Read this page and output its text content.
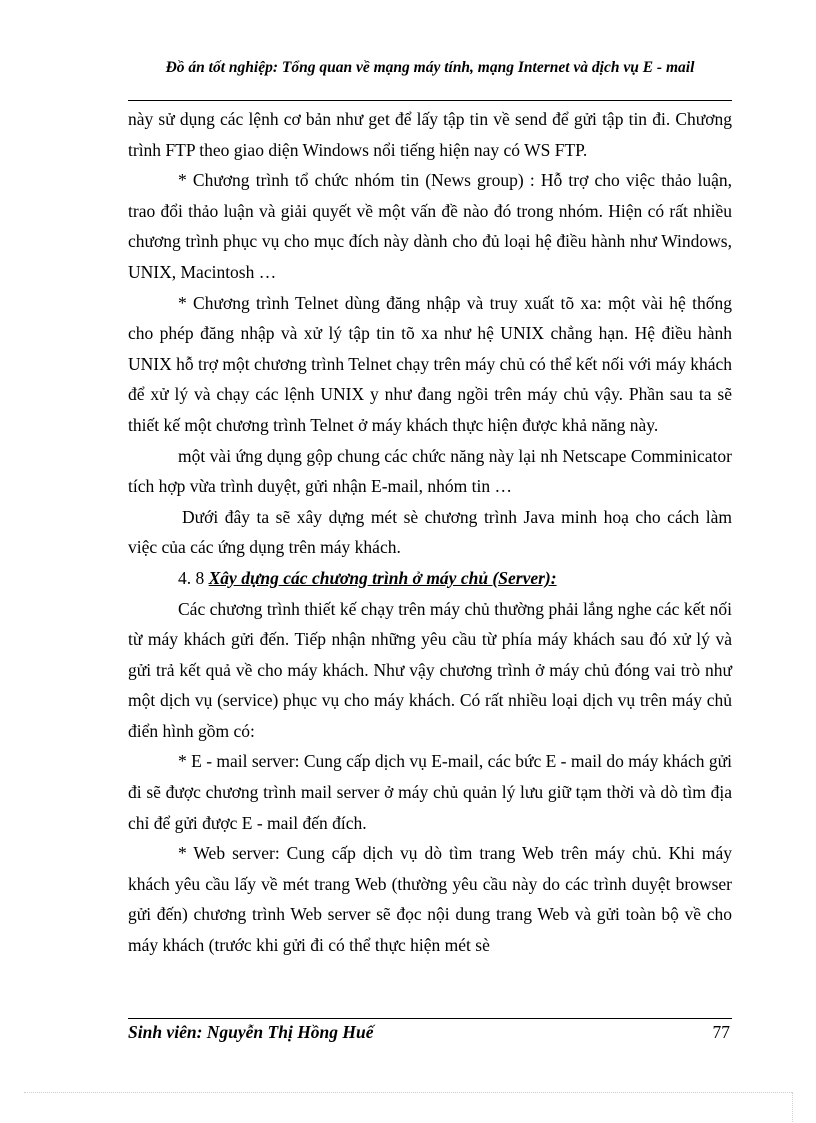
Đồ án tốt nghiệp: Tổng quan về mạng máy tính, mạng Internet và dịch vụ E - mail

này sử dụng các lệnh cơ bản như get để lấy tập tin về send để gửi tập tin đi. Chương trình FTP theo giao diện Windows nổi tiếng hiện nay có WS FTP.

* Chương trình tổ chức nhóm tin (News group) : Hỗ trợ cho việc thảo luận, trao đổi thảo luận và giải quyết về một vấn đề nào đó trong nhóm. Hiện có rất nhiều chương trình phục vụ cho mục đích này dành cho đủ loại hệ điều hành như Windows, UNIX, Macintosh …

* Chương trình Telnet dùng đăng nhập và truy xuất tõ xa: một vài hệ thống cho phép đăng nhập và xử lý tập tin tõ xa như hệ UNIX chẳng hạn. Hệ điều hành UNIX hỗ trợ một chương trình Telnet chạy trên máy chủ có thể kết nối với máy khách để xử lý và chạy các lệnh UNIX y như đang ngồi trên máy chủ vậy. Phần sau ta sẽ thiết kế một chương trình Telnet ở máy khách thực hiện được khả năng này.

một vài ứng dụng gộp chung các chức năng này lại nh Netscape Comminicator tích hợp vừa trình duyệt, gửi nhận E-mail, nhóm tin …

Dưới đây ta sẽ xây dựng mét sè chương trình Java minh hoạ cho cách làm việc của các ứng dụng trên máy khách.

4. 8 Xây dựng các chương trình ở máy chủ (Server):

Các chương trình thiết kế chạy trên máy chủ thường phải lắng nghe các kết nối từ máy khách gửi đến. Tiếp nhận những yêu cầu từ phía máy khách sau đó xử lý và gửi trả kết quả về cho máy khách. Như vậy chương trình ở máy chủ đóng vai trò như một dịch vụ (service) phục vụ cho máy khách. Có rất nhiều loại dịch vụ trên máy chủ điển hình gồm có:

* E - mail server: Cung cấp dịch vụ E-mail, các bức E - mail do máy khách gửi đi sẽ được chương trình mail server ở máy chủ quản lý lưu giữ tạm thời và dò tìm địa chỉ để gửi được E - mail đến đích.

* Web server: Cung cấp dịch vụ dò tìm trang Web trên máy chủ. Khi máy khách yêu cầu lấy về mét trang Web (thường yêu cầu này do các trình duyệt browser gửi đến) chương trình Web server sẽ đọc nội dung trang Web và gửi toàn bộ về cho máy khách (trước khi gửi đi có thể thực hiện mét sè

Sinh viên: Nguyễn Thị Hồng Huế	77
